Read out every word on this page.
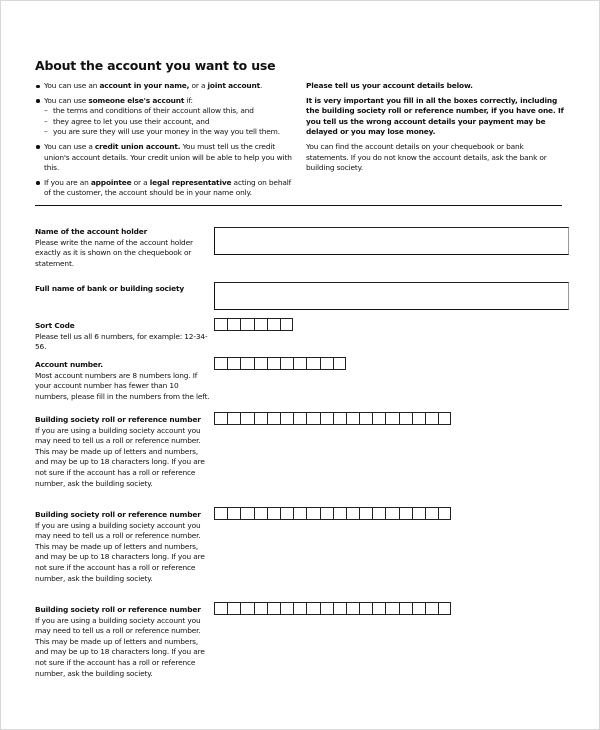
About the account you want to use
You can use an account in your name, or a joint account.
You can use someone else's account if:
– the terms and conditions of their account allow this, and
– they agree to let you use their account, and
– you are sure they will use your money in the way you tell them.
You can use a credit union account. You must tell us the credit union's account details. Your credit union will be able to help you with this.
If you are an appointee or a legal representative acting on behalf of the customer, the account should be in your name only.

Please tell us your account details below.

It is very important you fill in all the boxes correctly, including the building society roll or reference number, if you have one. If you tell us the wrong account details your payment may be delayed or you may lose money.

You can find the account details on your chequebook or bank statements. If you do not know the account details, ask the bank or building society.

Name of the account holder
Please write the name of the account holder exactly as it is shown on the chequebook or statement.
Full name of bank or building society
Sort Code
Please tell us all 6 numbers, for example: 12-34-56.
Account number.
Most account numbers are 8 numbers long. If your account number has fewer than 10 numbers, please fill in the numbers from the left.
Building society roll or reference number
If you are using a building society account you may need to tell us a roll or reference number. This may be made up of letters and numbers, and may be up to 18 characters long. If you are not sure if the account has a roll or reference number, ask the building society.
Building society roll or reference number
If you are using a building society account you may need to tell us a roll or reference number. This may be made up of letters and numbers, and may be up to 18 characters long. If you are not sure if the account has a roll or reference number, ask the building society.
Building society roll or reference number
If you are using a building society account you may need to tell us a roll or reference number. This may be made up of letters and numbers, and may be up to 18 characters long. If you are not sure if the account has a roll or reference number, ask the building society.
